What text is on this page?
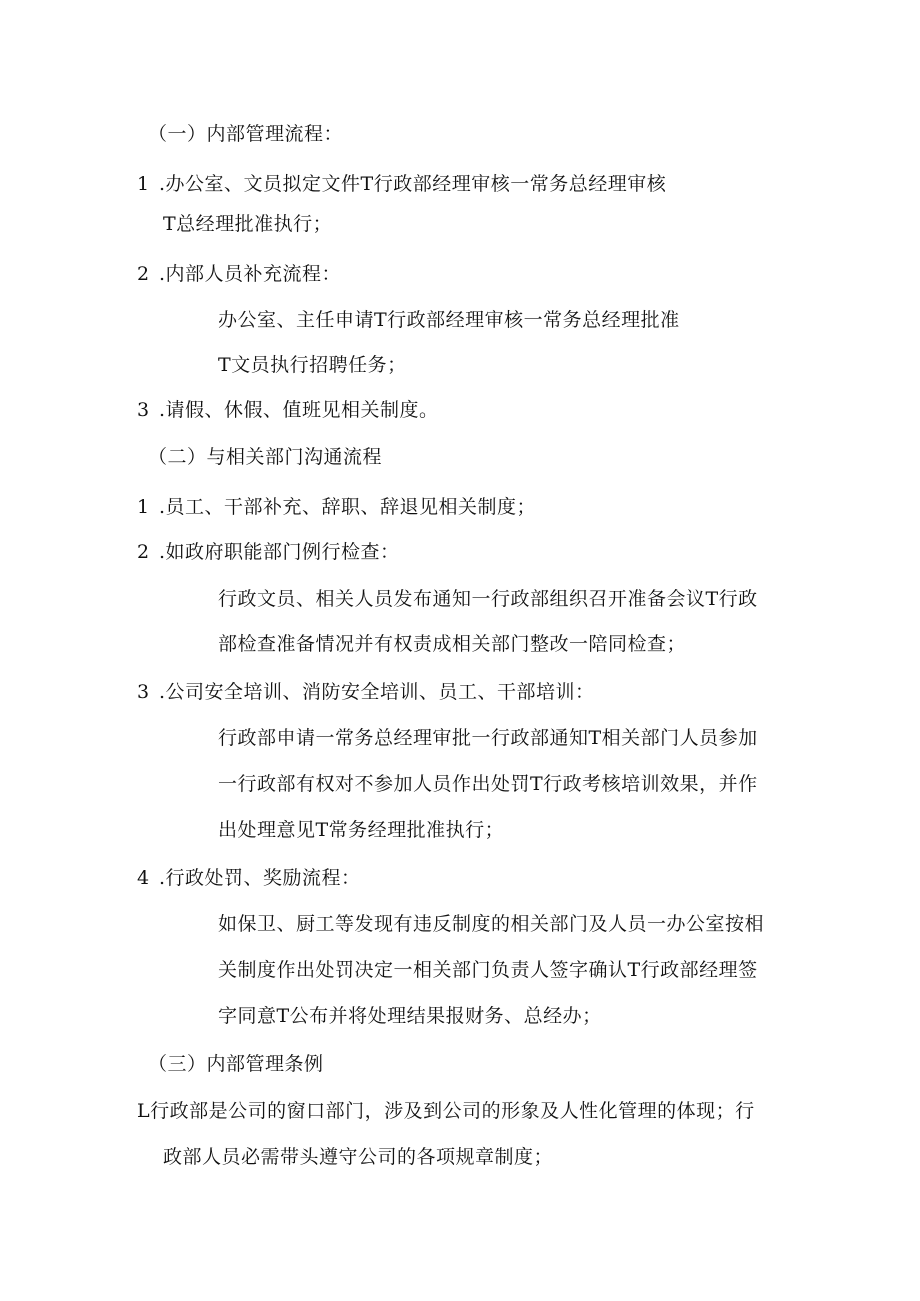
（一）内部管理流程：
1 .办公室、文员拟定文件T行政部经理审核一常务总经理审核
T总经理批准执行；
2 .内部人员补充流程：
办公室、主任申请T行政部经理审核一常务总经理批准
T文员执行招聘任务；
3 .请假、休假、值班见相关制度。
（二）与相关部门沟通流程
1 .员工、干部补充、辞职、辞退见相关制度；
2 .如政府职能部门例行检查：
行政文员、相关人员发布通知一行政部组织召开准备会议T行政
部检查准备情况并有权责成相关部门整改一陪同检查；
3 .公司安全培训、消防安全培训、员工、干部培训：
行政部申请一常务总经理审批一行政部通知T相关部门人员参加
一行政部有权对不参加人员作出处罚T行政考核培训效果，并作
出处理意见T常务经理批准执行；
4 .行政处罚、奖励流程：
如保卫、厨工等发现有违反制度的相关部门及人员一办公室按相
关制度作出处罚决定一相关部门负责人签字确认T行政部经理签
字同意T公布并将处理结果报财务、总经办；
（三）内部管理条例
L行政部是公司的窗口部门，涉及到公司的形象及人性化管理的体现；行
政部人员必需带头遵守公司的各项规章制度；
